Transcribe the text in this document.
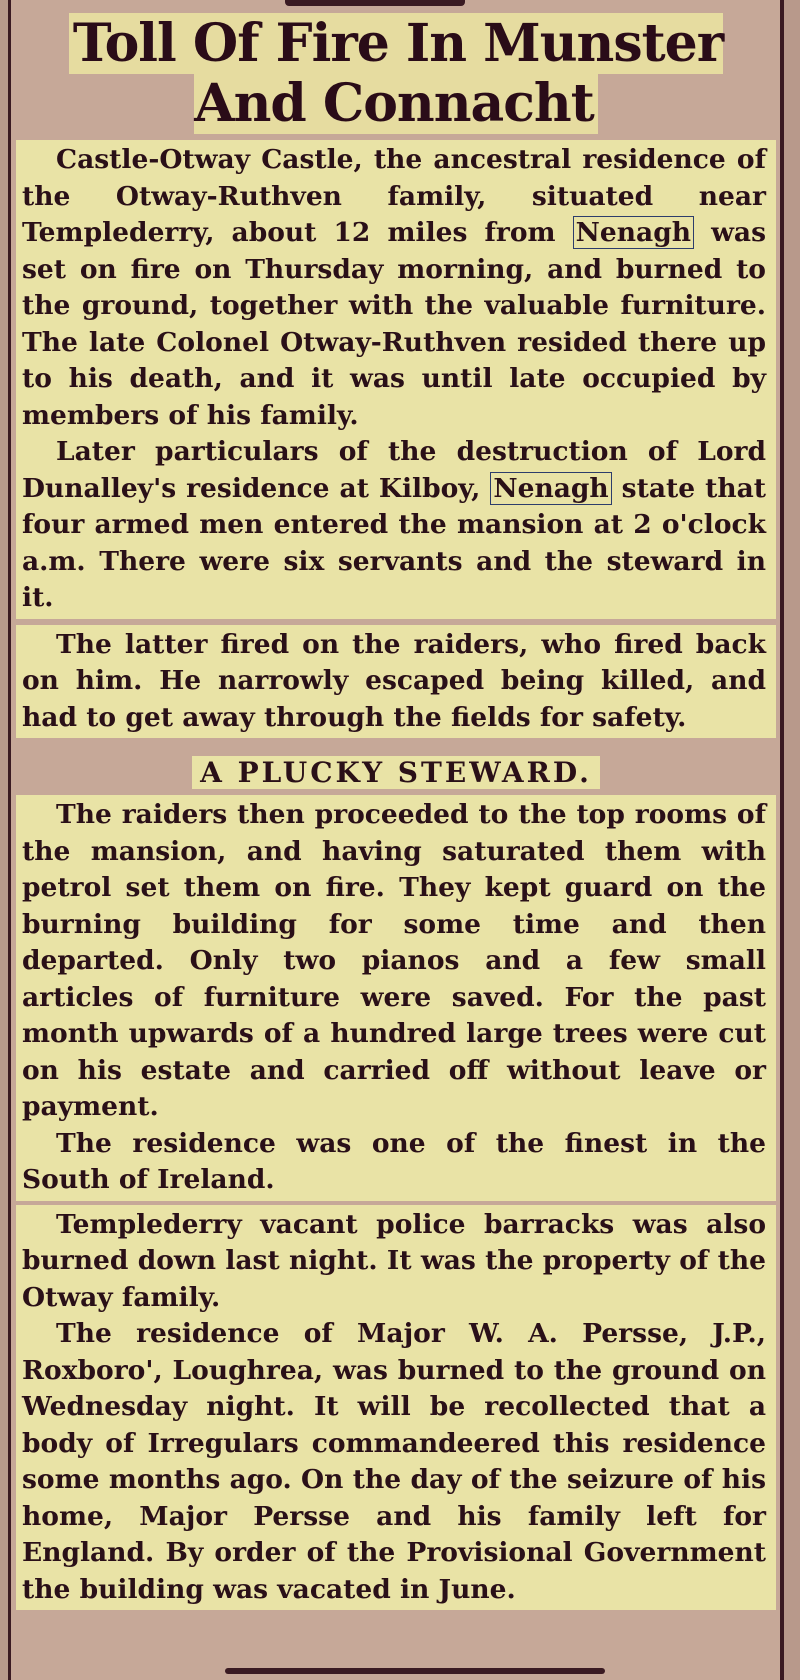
Toll Of Fire In Munster And Connacht

Castle-Otway Castle, the ancestral residence of the Otway-Ruthven family, situated near Templederry, about 12 miles from Nenagh was set on fire on Thursday morning, and burned to the ground, together with the valuable furniture. The late Colonel Otway-Ruthven resided there up to his death, and it was until late occupied by members of his family.

Later particulars of the destruction of Lord Dunalley's residence at Kilboy, Nenagh state that four armed men entered the mansion at 2 o'clock a.m. There were six servants and the steward in it.

The latter fired on the raiders, who fired back on him. He narrowly escaped being killed, and had to get away through the fields for safety.

A PLUCKY STEWARD.

The raiders then proceeded to the top rooms of the mansion, and having saturated them with petrol set them on fire. They kept guard on the burning building for some time and then departed. Only two pianos and a few small articles of furniture were saved. For the past month upwards of a hundred large trees were cut on his estate and carried off without leave or payment.

The residence was one of the finest in the South of Ireland.

Templederry vacant police barracks was also burned down last night. It was the property of the Otway family.

The residence of Major W. A. Persse, J.P., Roxboro', Loughrea, was burned to the ground on Wednesday night. It will be recollected that a body of Irregulars commandeered this residence some months ago. On the day of the seizure of his home, Major Persse and his family left for England. By order of the Provisional Government the building was vacated in June.
